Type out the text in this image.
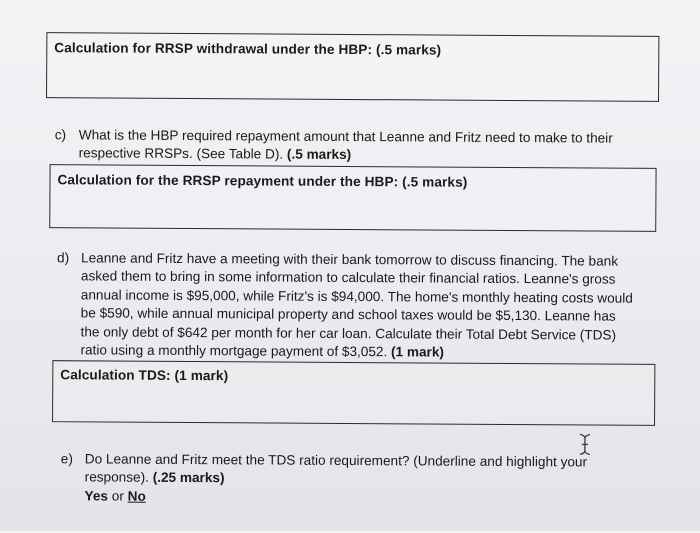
Calculation for RRSP withdrawal under the HBP: (.5 marks)
c) What is the HBP required repayment amount that Leanne and Fritz need to make to their
respective RRSPs. (See Table D). (.5 marks)
Calculation for the RRSP repayment under the HBP: (.5 marks)
d) Leanne and Fritz have a meeting with their bank tomorrow to discuss financing. The bank
asked them to bring in some information to calculate their financial ratios. Leanne's gross
annual income is $95,000, while Fritz's is $94,000. The home's monthly heating costs would
be $590, while annual municipal property and school taxes would be $5,130. Leanne has
the only debt of $642 per month for her car loan. Calculate their Total Debt Service (TDS)
ratio using a monthly mortgage payment of $3,052. (1 mark)
Calculation TDS: (1 mark)
e) Do Leanne and Fritz meet the TDS ratio requirement? (Underline and highlight your
response). (.25 marks)
Yes or No
